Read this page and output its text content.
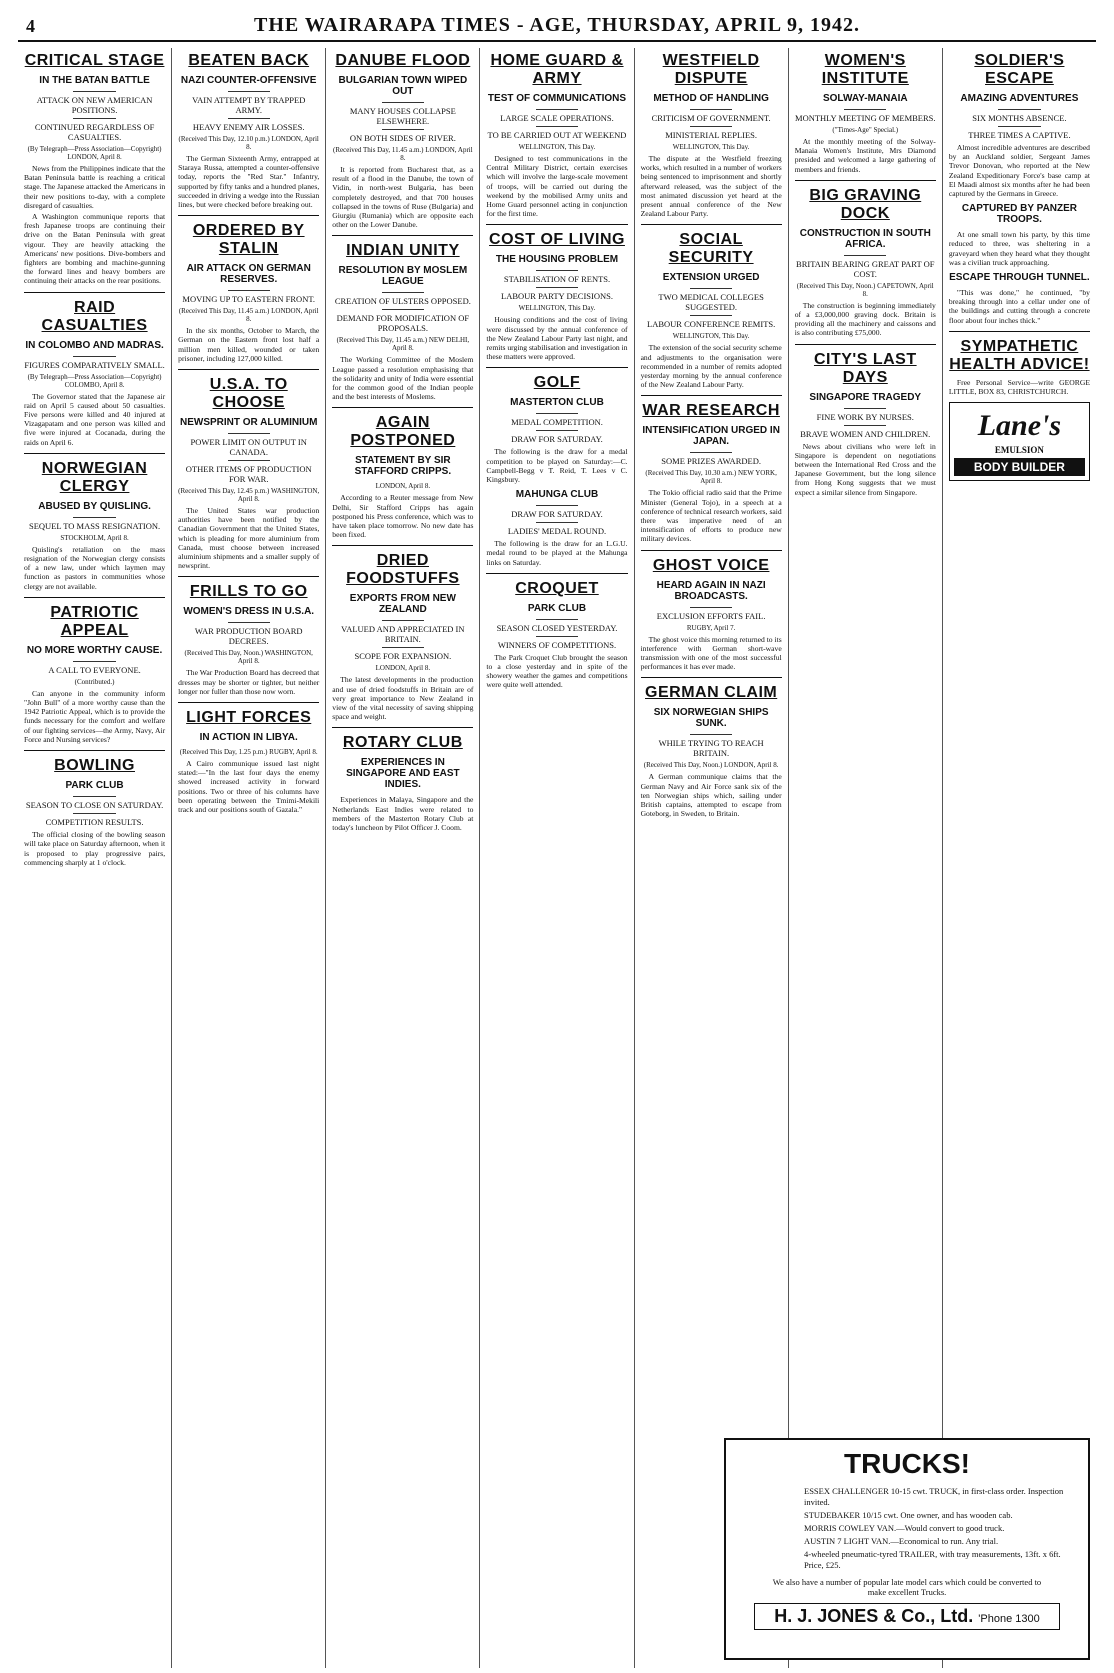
4	THE WAIRARAPA TIMES - AGE, THURSDAY, APRIL 9, 1942.
CRITICAL STAGE
IN THE BATAN BATTLE
ATTACK ON NEW AMERICAN POSITIONS.
CONTINUED REGARDLESS OF CASUALTIES.
(By Telegraph—Press Association—Copyright) LONDON, April 8.

News from the Philippines indicate that the Batan Peninsula battle is reaching a critical stage. The Japanese attacked the Americans in their new positions to-day, with a complete disregard of casualties.

A Washington communique reports that fresh Japanese troops are continuing their drive on the Batan Peninsula with great vigour. They are heavily attacking the Americans' new positions. Dive-bombers and fighters are bombing and machine-gunning the forward lines and heavy bombers are continuing their attacks on the rear positions.

RAID CASUALTIES
IN COLOMBO AND MADRAS.
FIGURES COMPARATIVELY SMALL.
(By Telegraph—Press Association—Copyright) COLOMBO, April 8.

The Governor stated that the Japanese air raid on April 5 caused about 50 casualties. Five persons were killed and 40 injured at Vizagapatam and one person was killed and five were injured at Cocanada, during the raids on April 6.

NORWEGIAN CLERGY
ABUSED BY QUISLING.
SEQUEL TO MASS RESIGNATION.
STOCKHOLM, April 8.

Quisling's retaliation on the mass resignation of the Norwegian clergy consists of a new law, under which laymen may function as pastors in communities whose clergy are not available.

PATRIOTIC APPEAL
NO MORE WORTHY CAUSE.
A CALL TO EVERYONE.
(Contributed.)

Can anyone in the community inform "John Bull" of a more worthy cause than the 1942 Patriotic Appeal, which is to provide the funds necessary for the comfort and welfare of our fighting services—the Army, Navy, Air Force and Nursing services?

BOWLING
PARK CLUB
SEASON TO CLOSE ON SATURDAY.
COMPETITION RESULTS.

The official closing of the bowling season will take place on Saturday afternoon, when it is proposed to play progressive pairs, commencing sharply at 1 o'clock.

BEATEN BACK
NAZI COUNTER-OFFENSIVE
VAIN ATTEMPT BY TRAPPED ARMY.
HEAVY ENEMY AIR LOSSES.
(Received This Day, 12.10 p.m.) LONDON, April 8.

The German Sixteenth Army, entrapped at Staraya Russa, attempted a counter-offensive today, reports the "Red Star." Infantry, supported by fifty tanks and a hundred planes, succeeded in driving a wedge into the Russian lines, but were checked before breaking out.

ORDERED BY STALIN
AIR ATTACK ON GERMAN RESERVES.
MOVING UP TO EASTERN FRONT.
(Received This Day, 11.45 a.m.) LONDON, April 8.

In the six months, October to March, the German on the Eastern front lost half a million men killed, wounded or taken prisoner, including 127,000 killed.

U.S.A. TO CHOOSE
NEWSPRINT OR ALUMINIUM
POWER LIMIT ON OUTPUT IN CANADA.
OTHER ITEMS OF PRODUCTION FOR WAR.
(Received This Day, 12.45 p.m.) WASHINGTON, April 8.

The United States war production authorities have been notified by the Canadian Government that the United States, which is pleading for more aluminium from Canada, must choose between increased aluminium shipments and a smaller supply of newsprint.

FRILLS TO GO
WOMEN'S DRESS IN U.S.A.
WAR PRODUCTION BOARD DECREES.
(Received This Day, Noon.) WASHINGTON, April 8.

The War Production Board has decreed that dresses may be shorter or tighter, but neither longer nor fuller than those now worn.

LIGHT FORCES
IN ACTION IN LIBYA.
(Received This Day, 1.25 p.m.) RUGBY, April 8.

A Cairo communique issued last night stated:—"In the last four days the enemy showed increased activity in forward positions. Two or three of his columns have been operating between the Tmimi-Mekili track and our positions south of Gazala."

DANUBE FLOOD
BULGARIAN TOWN WIPED OUT
MANY HOUSES COLLAPSE ELSEWHERE.
ON BOTH SIDES OF RIVER.
(Received This Day, 11.45 a.m.) LONDON, April 8.

It is reported from Bucharest that, as a result of a flood in the Danube, the town of Vidin, in north-west Bulgaria, has been completely destroyed, and that 700 houses collapsed in the towns of Ruse (Bulgaria) and Giurgiu (Rumania) which are opposite each other on the Lower Danube.

INDIAN UNITY
RESOLUTION BY MOSLEM LEAGUE
CREATION OF ULSTERS OPPOSED.
DEMAND FOR MODIFICATION OF PROPOSALS.
(Received This Day, 11.45 a.m.) NEW DELHI, April 8.

The Working Committee of the Moslem League passed a resolution emphasising that the solidarity and unity of India were essential for the common good of the Indian people and the best interests of Moslems.

AGAIN POSTPONED
STATEMENT BY SIR STAFFORD CRIPPS.
LONDON, April 8.

According to a Reuter message from New Delhi, Sir Stafford Cripps has again postponed his Press conference, which was to have taken place tomorrow. No new date has been fixed.

DRIED FOODSTUFFS
EXPORTS FROM NEW ZEALAND
VALUED AND APPRECIATED IN BRITAIN.
SCOPE FOR EXPANSION.
LONDON, April 8.

The latest developments in the production and use of dried foodstuffs in Britain are of very great importance to New Zealand in view of the vital necessity of saving shipping space and weight.

ROTARY CLUB
EXPERIENCES IN SINGAPORE AND EAST INDIES.

Experiences in Malaya, Singapore and the Netherlands East Indies were related to members of the Masterton Rotary Club at today's luncheon by Pilot Officer J. Coom.

HOME GUARD & ARMY
TEST OF COMMUNICATIONS
LARGE SCALE OPERATIONS.
TO BE CARRIED OUT AT WEEKEND
WELLINGTON, This Day.

Designed to test communications in the Central Military District, certain exercises which will involve the large-scale movement of troops, will be carried out during the weekend by the mobilised Army units and Home Guard personnel acting in conjunction for the first time.

COST OF LIVING
THE HOUSING PROBLEM
STABILISATION OF RENTS.
LABOUR PARTY DECISIONS.
WELLINGTON, This Day.

Housing conditions and the cost of living were discussed by the annual conference of the New Zealand Labour Party last night, and remits urging stabilisation and investigation in these matters were approved.

GOLF
MASTERTON CLUB
MEDAL COMPETITION.
DRAW FOR SATURDAY.

The following is the draw for a medal competition to be played on Saturday:—C. Campbell-Begg v T. Reid, T. Lees v C. Kingsbury.

MAHUNGA CLUB
DRAW FOR SATURDAY.
LADIES' MEDAL ROUND.

The following is the draw for an L.G.U. medal round to be played at the Mahunga links on Saturday.

CROQUET
PARK CLUB
SEASON CLOSED YESTERDAY.
WINNERS OF COMPETITIONS.

The Park Croquet Club brought the season to a close yesterday and in spite of the showery weather the games and competitions were quite well attended.

WESTFIELD DISPUTE
METHOD OF HANDLING
CRITICISM OF GOVERNMENT.
MINISTERIAL REPLIES.
WELLINGTON, This Day.

The dispute at the Westfield freezing works, which resulted in a number of workers being sentenced to imprisonment and shortly afterward released, was the subject of the most animated discussion yet heard at the present annual conference of the New Zealand Labour Party.

SOCIAL SECURITY
EXTENSION URGED
TWO MEDICAL COLLEGES SUGGESTED.
LABOUR CONFERENCE REMITS.
WELLINGTON, This Day.

The extension of the social security scheme and adjustments to the organisation were recommended in a number of remits adopted yesterday morning by the annual conference of the New Zealand Labour Party.

WAR RESEARCH
INTENSIFICATION URGED IN JAPAN.
SOME PRIZES AWARDED.
(Received This Day, 10.30 a.m.) NEW YORK, April 8.

The Tokio official radio said that the Prime Minister (General Tojo), in a speech at a conference of technical research workers, said there was imperative need of an intensification of efforts to produce new military devices.

GHOST VOICE
HEARD AGAIN IN NAZI BROADCASTS.
EXCLUSION EFFORTS FAIL.
RUGBY, April 7.

The ghost voice this morning returned to its interference with German short-wave transmission with one of the most successful performances it has ever made.

GERMAN CLAIM
SIX NORWEGIAN SHIPS SUNK.
WHILE TRYING TO REACH BRITAIN.
(Received This Day, Noon.) LONDON, April 8.

A German communique claims that the German Navy and Air Force sank six of the ten Norwegian ships which, sailing under British captains, attempted to escape from Goteborg, in Sweden, to Britain.

WOMEN'S INSTITUTE
SOLWAY-MANAIA
MONTHLY MEETING OF MEMBERS.
("Times-Age" Special.)

At the monthly meeting of the Solway-Manaia Women's Institute, Mrs Diamond presided and welcomed a large gathering of members and friends.

BIG GRAVING DOCK
CONSTRUCTION IN SOUTH AFRICA.
BRITAIN BEARING GREAT PART OF COST.
(Received This Day, Noon.) CAPETOWN, April 8.

The construction is beginning immediately of a £3,000,000 graving dock. Britain is providing all the machinery and caissons and is also contributing £75,000.

CITY'S LAST DAYS
SINGAPORE TRAGEDY
FINE WORK BY NURSES.
BRAVE WOMEN AND CHILDREN.

News about civilians who were left in Singapore is dependent on negotiations between the International Red Cross and the Japanese Government, but the long silence from Hong Kong suggests that we must expect a similar silence from Singapore.

SOLDIER'S ESCAPE
AMAZING ADVENTURES
SIX MONTHS ABSENCE.
THREE TIMES A CAPTIVE.

Almost incredible adventures are described by an Auckland soldier, Sergeant James Trevor Donovan, who reported at the New Zealand Expeditionary Force's base camp at El Maadi almost six months after he had been captured by the Germans in Greece.

CAPTURED BY PANZER TROOPS.

At one small town his party, by this time reduced to three, was sheltering in a graveyard when they heard what they thought was a civilian truck approaching.

ESCAPE THROUGH TUNNEL.

"This was done," he continued, "by breaking through into a cellar under one of the buildings and cutting through a concrete floor about four inches thick."

SYMPATHETIC HEALTH ADVICE!

Free Personal Service—write GEORGE LITTLE, BOX 83, CHRISTCHURCH.

Lane's
EMULSION
BODY BUILDER
TRUCKS!
ESSEX CHALLENGER 10-15 cwt. TRUCK, in first-class order. Inspection invited.
STUDEBAKER 10/15 cwt. One owner, and has wooden cab.
MORRIS COWLEY VAN.—Would convert to good truck.
AUSTIN 7 LIGHT VAN.—Economical to run. Any trial.
4-wheeled pneumatic-tyred TRAILER, with tray measurements, 13ft. x 6ft. Price, £25.
We also have a number of popular late model cars which could be converted to make excellent Trucks.
H. J. JONES & Co., Ltd. 'Phone 1300
